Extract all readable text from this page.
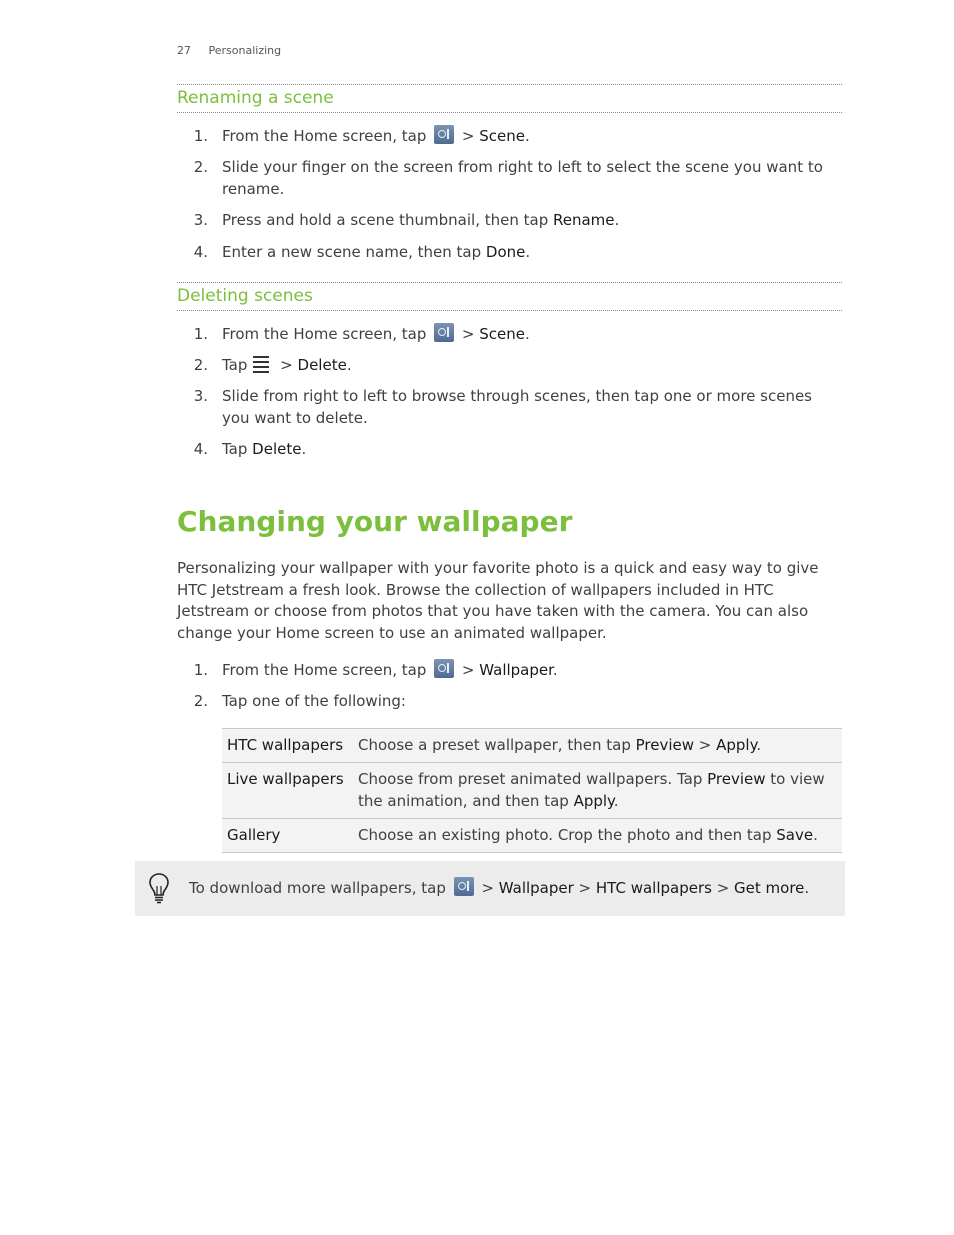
27 Personalizing
Renaming a scene
1. From the Home screen, tap  > Scene.
2. Slide your finger on the screen from right to left to select the scene you want to rename.
3. Press and hold a scene thumbnail, then tap Rename.
4. Enter a new scene name, then tap Done.
Deleting scenes
1. From the Home screen, tap  > Scene.
2. Tap > Delete.
3. Slide from right to left to browse through scenes, then tap one or more scenes you want to delete.
4. Tap Delete.
Changing your wallpaper
Personalizing your wallpaper with your favorite photo is a quick and easy way to give HTC Jetstream a fresh look. Browse the collection of wallpapers included in HTC Jetstream or choose from photos that you have taken with the camera. You can also change your Home screen to use an animated wallpaper.
1. From the Home screen, tap  > Wallpaper.
2. Tap one of the following:
HTC wallpapers	Choose a preset wallpaper, then tap Preview > Apply.
Live wallpapers	Choose from preset animated wallpapers. Tap Preview to view the animation, and then tap Apply.
Gallery	Choose an existing photo. Crop the photo and then tap Save.
To download more wallpapers, tap  > Wallpaper > HTC wallpapers > Get more.
